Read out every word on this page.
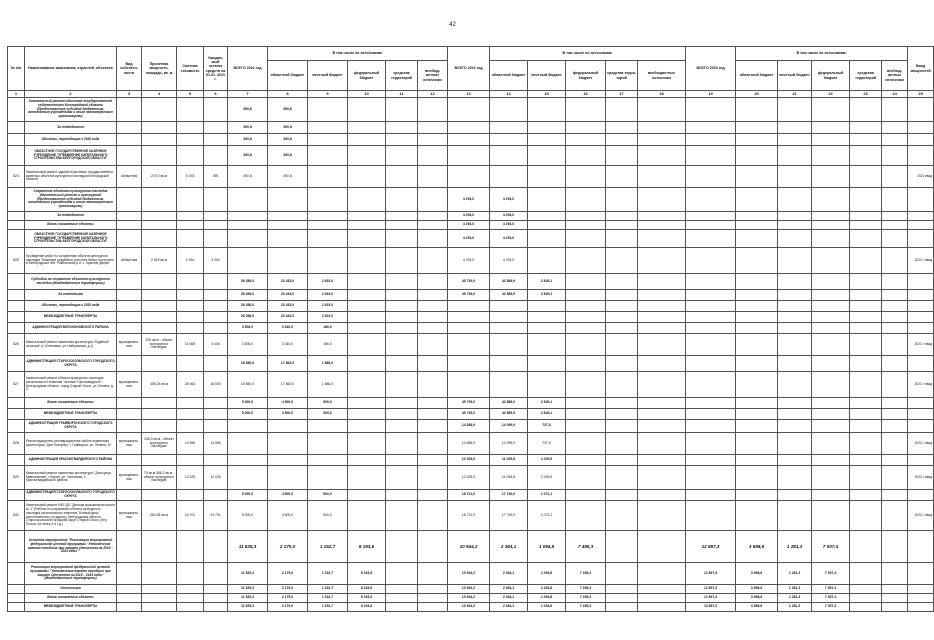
42
№ п/п	Наименование заказчиков, отраслей, объектов	Вид собствен-ности	Проектная мощность, площадь, кв. м	Сметная стоимость	Ожидае-мый остаток средств на 01.01. 2021 г.	ВСЕГО 2021 год	В том числе по источникам:					ВСЕГО 2022 год	В том числе по источникам:					ВСЕГО 2023 год	В том числе по источникам:					Ввод мощностей
							областной бюджет	местный бюджет	федеральный бюджет	средства территорий	внебюд-жетные источники		областной бюджет	местный бюджет	федеральный бюджет	средства терри-торий	внебюджетные источники		областной бюджет	местный бюджет	федеральный бюджет	средства территорий	внебюд-жетные источники	
1	2	3	4	5	6	7	8	9	10	11	12	13	14	15	16	17	18	19	20	21	22	23	24	25
	Капитальный ремонт объектов государственной собственности Белгородской области (Предоставление субсидий бюджетным, автономным учреждениям и иным некоммерческим организациям)					390,8	390,8																	
	За подведомств					390,8	390,8																	
	Объекты, переходящие с 2020 года					390,8	390,8																	
	ОБЛАСТНОЕ ГОСУДАРСТВЕННОЕ КАЗЕННОЕ УЧРЕЖДЕНИЕ "УПРАВЛЕНИЕ КАПИТАЛЬНОГО СТРОИТЕЛЬСТВА БЕЛГОРОДСКОЙ ОБЛАСТИ"					390,8	390,8																	
824	Капитальный ремонт зданий отраслевых государственных казенных объектов культурного наследия Белгородской области	областная	270,0 кв.м	5 193	390	390,8	390,8																	2021 ввод
	Сохранение объектов культурного наследия (Капитальный ремонт и культурный (Предоставление субсидий бюджетным, автономным учреждениям и иным некоммерческим организациям)											4 294,0	4 294,0											
	За подведомств											4 294,0	4 294,0											
	Вновь начинаемые объекты											4 294,0	4 294,0											
	ОБЛАСТНОЕ ГОСУДАРСТВЕННОЕ КАЗЕННОЕ УЧРЕЖДЕНИЕ "УПРАВЛЕНИЕ КАПИТАЛЬНОГО СТРОИТЕЛЬСТВА БЕЛГОРОДСКОЙ ОБЛАСТИ"											4 294,0	4 294,0											
825	Проведение работ по сохранению объекта культурного наследия "Комплекс усадебных построек банка, построено в Белгородской обл. Ракитянский р-н, с. Красное Дворы"	областная	2 519 кв.м	4 294	4 294							4 294,0	4 294,0											2022 г. ввод
	Субсидии на сохранение объектов культурного наследия (Межбюджетные трансферты)					26 356,0	23 433,0	2 923,0				45 739,0	42 889,9	2 849,1										
	За отчетными					26 356,0	23 433,0	2 923,0				45 739,0	42 889,9	2 849,1										
	Объекты, переходящие с 2020 года					26 356,0	23 433,0	2 923,0																
	МЕЖБЮДЖЕТНЫЕ ТРАНСФЕРТЫ					26 356,0	23 433,0	2 923,0																
	АДМИНИСТРАЦИЯ ВОЛОКОНОВСКОГО РАЙОНА					3 506,0	3 340,0	166,0																
826	Капитальный ремонт памятника архитектуры "Будёный источник" (с. Ютановка, ул. Набережная, д.1)	муниципаль-ная	220 кв.м - объект культурного наследия	14 069	3 406	3 506,0	3 340,0	166,0																2021 г. ввод
	АДМИНИСТРАЦИЯ СТАРООСКОЛЬСКОГО ГОРОДСКОГО ОКРУГА					18 850,0	17 863,0	1 886,0																
827	Капитальный ремонт объекта культурного наследия регионального значения "Актовое Горнозаводское", Белгородская область, город Старый Оскол, ул. Ленина, д. 3	муниципаль-ная	459,25 кв.м	26 064	16 000	18 850,0	17 863,0	1 886,0																2021 г. ввод
	Вновь начинаемые объекты					5 000,0	4 500,0	500,0				45 739,0	42 889,9	2 849,1										
	МЕЖБЮДЖЕТНЫЕ ТРАНСФЕРТЫ					5 000,0	4 500,0	500,0				45 739,0	42 889,9	2 849,1										
	АДМИНИСТРАЦИЯ ГРАЙВОРОНСКОГО ГОРОДСКОГО ОКРУГА											14 836,0	14 099,0	737,0										
828	Реконструкционно-реставрационные работы памятника архитектуры "Дом Пятерних" г. Грайворон, ул. Ленина, 10	муниципаль-ная	246,9 кв.м - объект культурного наследия	14 556	14 556							14 836,0	14 099,0	737,0										2022 г. ввод
	АДМИНИСТРАЦИЯ КРАСНОГВАРДЕЙСКОГО РАЙОНА											12 025,0	11 035,5	1 009,5										
829	Капитальный ремонт памятника архитектуры "Дом купца Кавешникова" г. Бирюч, ул. Успенская, 1, Красногвардейского района	муниципаль-ная	79 кв.м 396,2 кв.м - объект культурного наследия	12 025	12 025							12 025,0	11 035,5	1 009,5										2022 г. ввод
	АДМИНИСТРАЦИЯ СТАРООСКОЛЬСКОГО ГОРОДСКОГО ОКРУГА					5 000,0	4 500,0	500,0				18 721,0	17 749,0	1 072,1										
830	Капитальный ремонт МБУ ДО "Детская музыкальная школа № 1" (Работы по сохранению объекта культурного наследия регионального значения "Конный двор", расположенного по адресу: Белгородская область, Старооскольский городской округ, Старый Оскол, (пер. Гоголя, 3а литер А и т.д.)	муниципаль-ная	284,38 кв.м	24 701	24 701	5 000,0	4 500,0	500,0				18 721,0	17 749,0	1 072,1										2022 г. ввод
	Основное мероприятие "Реализация мероприятий федеральной целевой программы "Увековечение памяти погибших при защите Отечества на 2019 – 2024 годы""					11 525,3	2 170,0	1 152,7	8 193,6			10 944,2	2 364,1	1 094,8	7 495,3			12 897,3	3 698,6	1 281,3	7 937,4			
	Реализация мероприятий федеральной целевой программы "Увековечение памяти погибших при защите Отечества на 2019 – 2024 годы" (Межбюджетные трансферты)					11 525,3	2 179,0	1 152,7	8 193,6			10 944,2	2 364,1	1 094,8	7 495,3			12 897,3	3 698,6	1 281,3	7 937,4			
	Отчетными					11 525,3	2 179,0	1 152,7	8 193,6			10 944,2	2 364,1	1 094,8	7 495,3			12 897,3	3 698,6	1 281,3	7 937,4			
	Вновь начинаемые объекты					11 525,3	2 179,0	1 152,7	8 193,6			10 944,2	2 364,1	1 094,8	7 495,3			12 897,3	3 698,6	1 281,3	7 937,4			
	МЕЖБЮДЖЕТНЫЕ ТРАНСФЕРТЫ					11 525,3	2 179,0	1 152,7	8 193,6			10 944,2	2 364,1	1 094,8	7 495,3			12 897,3	3 698,6	1 281,3	7 937,4			
